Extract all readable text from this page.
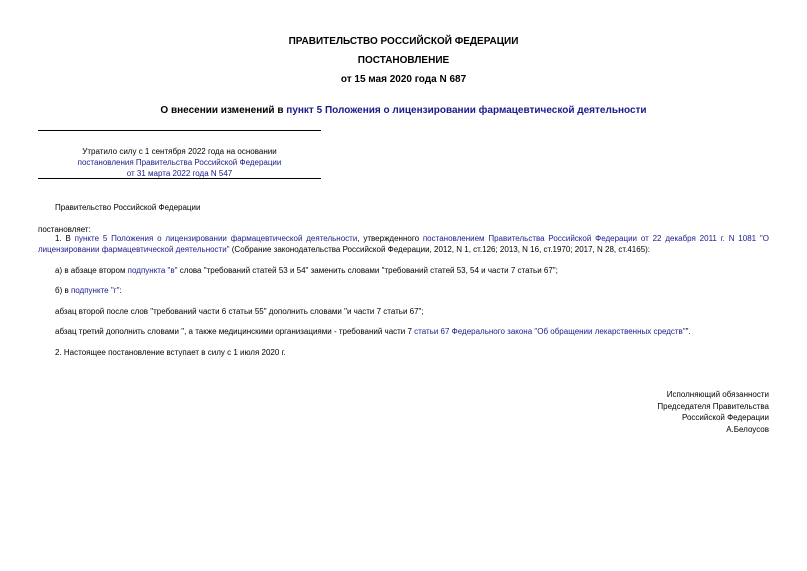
ПРАВИТЕЛЬСТВО РОССИЙСКОЙ ФЕДЕРАЦИИ
ПОСТАНОВЛЕНИЕ
от 15 мая 2020 года N 687
О внесении изменений в пункт 5 Положения о лицензировании фармацевтической деятельности
Утратило силу с 1 сентября 2022 года на основании
постановления Правительства Российской Федерации
от 31 марта 2022 года N 547
Правительство Российской Федерации
постановляет:
1. В пункте 5 Положения о лицензировании фармацевтической деятельности, утвержденного постановлением Правительства Российской Федерации от 22 декабря 2011 г. N 1081 "О лицензировании фармацевтической деятельности" (Собрание законодательства Российской Федерации, 2012, N 1, ст.126; 2013, N 16, ст.1970; 2017, N 28, ст.4165):
а) в абзаце втором подпункта "в" слова "требований статей 53 и 54" заменить словами "требований статей 53, 54 и части 7 статьи 67";
б) в подпункте "г":
абзац второй после слов "требований части 6 статьи 55" дополнить словами "и части 7 статьи 67";
абзац третий дополнить словами ", а также медицинскими организациями - требований части 7 статьи 67 Федерального закона "Об обращении лекарственных средств"".
2. Настоящее постановление вступает в силу с 1 июля 2020 г.
Исполняющий обязанности
Председателя Правительства
Российской Федерации
А.Белоусов
